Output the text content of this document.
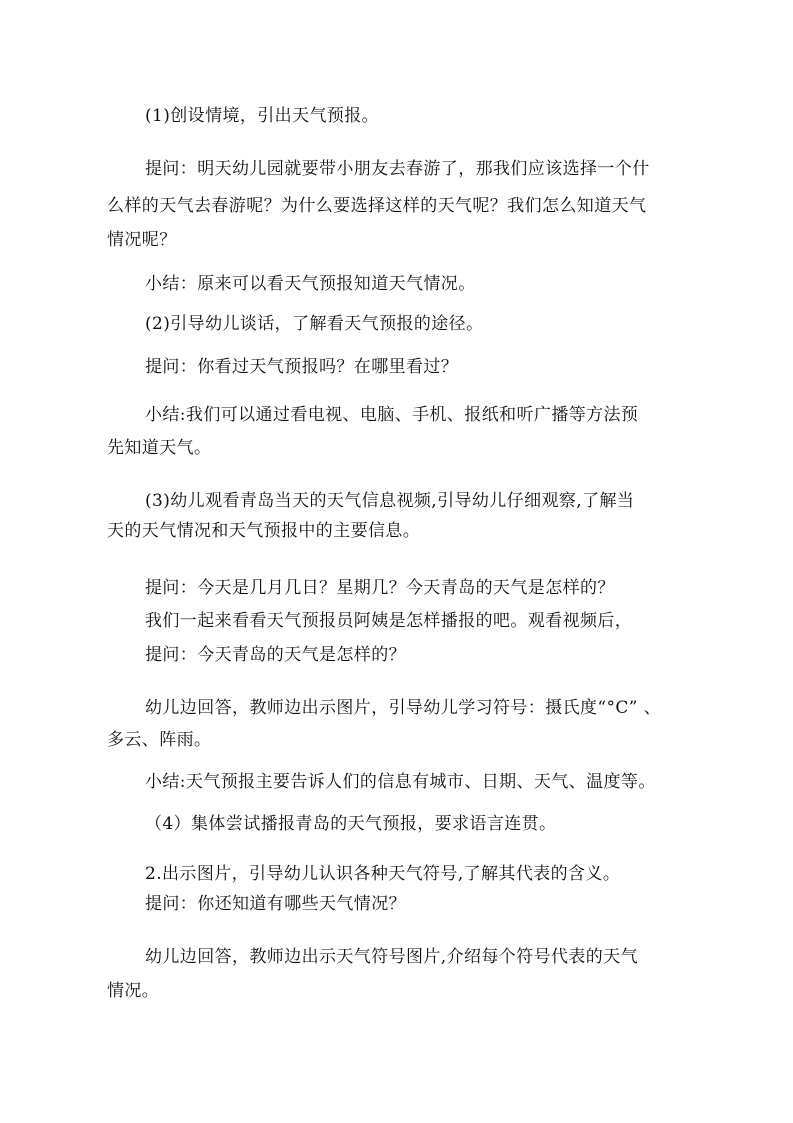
(1)创设情境，引出天气预报。
提问：明天幼儿园就要带小朋友去春游了，那我们应该选择一个什
么样的天气去春游呢？为什么要选择这样的天气呢？我们怎么知道天气
情况呢？
小结：原来可以看天气预报知道天气情况。
(2)引导幼儿谈话，了解看天气预报的途径。
提问：你看过天气预报吗？在哪里看过？
小结:我们可以通过看电视、电脑、手机、报纸和听广播等方法预
先知道天气。
(3)幼儿观看青岛当天的天气信息视频,引导幼儿仔细观察,了解当
天的天气情况和天气预报中的主要信息。
提问：今天是几月几日？星期几？今天青岛的天气是怎样的？
我们一起来看看天气预报员阿姨是怎样播报的吧。观看视频后，
提问：今天青岛的天气是怎样的？
幼儿边回答，教师边出示图片，引导幼儿学习符号：摄氏度“°C” 、
多云、阵雨。
小结:天气预报主要告诉人们的信息有城市、日期、天气、温度等。
（4）集体尝试播报青岛的天气预报，要求语言连贯。
2.出示图片，引导幼儿认识各种天气符号,了解其代表的含义。
提问：你还知道有哪些天气情况？
幼儿边回答，教师边出示天气符号图片,介绍每个符号代表的天气
情况。
